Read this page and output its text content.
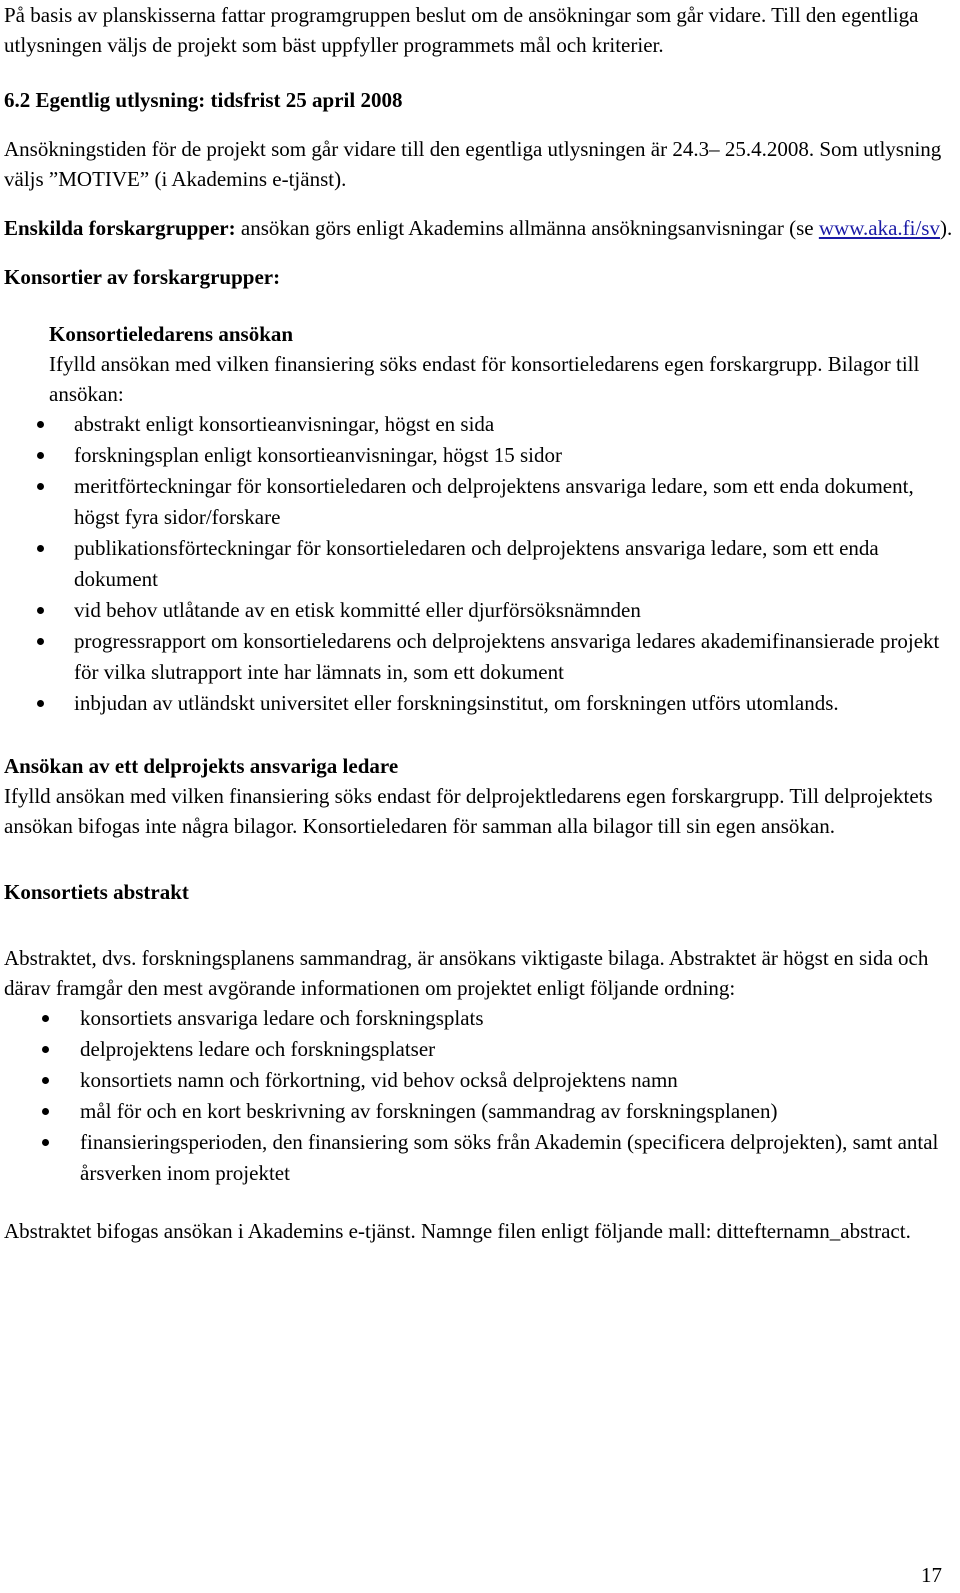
På basis av planskisserna fattar programgruppen beslut om de ansökningar som går vidare. Till den egentliga utlysningen väljs de projekt som bäst uppfyller programmets mål och kriterier.

6.2 Egentlig utlysning: tidsfrist 25 april 2008

Ansökningstiden för de projekt som går vidare till den egentliga utlysningen är 24.3– 25.4.2008. Som utlysning väljs ”MOTIVE” (i Akademins e-tjänst).

Enskilda forskargrupper: ansökan görs enligt Akademins allmänna ansökningsanvisningar (se www.aka.fi/sv).

Konsortier av forskargrupper:

Konsortieledarens ansökan

Ifylld ansökan med vilken finansiering söks endast för konsortieledarens egen forskargrupp. Bilagor till ansökan:

abstrakt enligt konsortieanvisningar, högst en sida
forskningsplan enligt konsortieanvisningar, högst 15 sidor
meritförteckningar för konsortieledaren och delprojektens ansvariga ledare, som ett enda dokument, högst fyra sidor/forskare
publikationsförteckningar för konsortieledaren och delprojektens ansvariga ledare, som ett enda dokument
vid behov utlåtande av en etisk kommitté eller djurförsöksnämnden
progressrapport om konsortieledarens och delprojektens ansvariga ledares akademifinansierade projekt för vilka slutrapport inte har lämnats in, som ett dokument
inbjudan av utländskt universitet eller forskningsinstitut, om forskningen utförs utomlands.

Ansökan av ett delprojekts ansvariga ledare

Ifylld ansökan med vilken finansiering söks endast för delprojektledarens egen forskargrupp. Till delprojektets ansökan bifogas inte några bilagor. Konsortieledaren för samman alla bilagor till sin egen ansökan.

Konsortiets abstrakt

Abstraktet, dvs. forskningsplanens sammandrag, är ansökans viktigaste bilaga. Abstraktet är högst en sida och därav framgår den mest avgörande informationen om projektet enligt följande ordning:

konsortiets ansvariga ledare och forskningsplats
delprojektens ledare och forskningsplatser
konsortiets namn och förkortning, vid behov också delprojektens namn
mål för och en kort beskrivning av forskningen (sammandrag av forskningsplanen)
finansieringsperioden, den finansiering som söks från Akademin (specificera delprojekten), samt antal årsverken inom projektet

Abstraktet bifogas ansökan i Akademins e-tjänst. Namnge filen enligt följande mall: dittefternamn_abstract.

17
